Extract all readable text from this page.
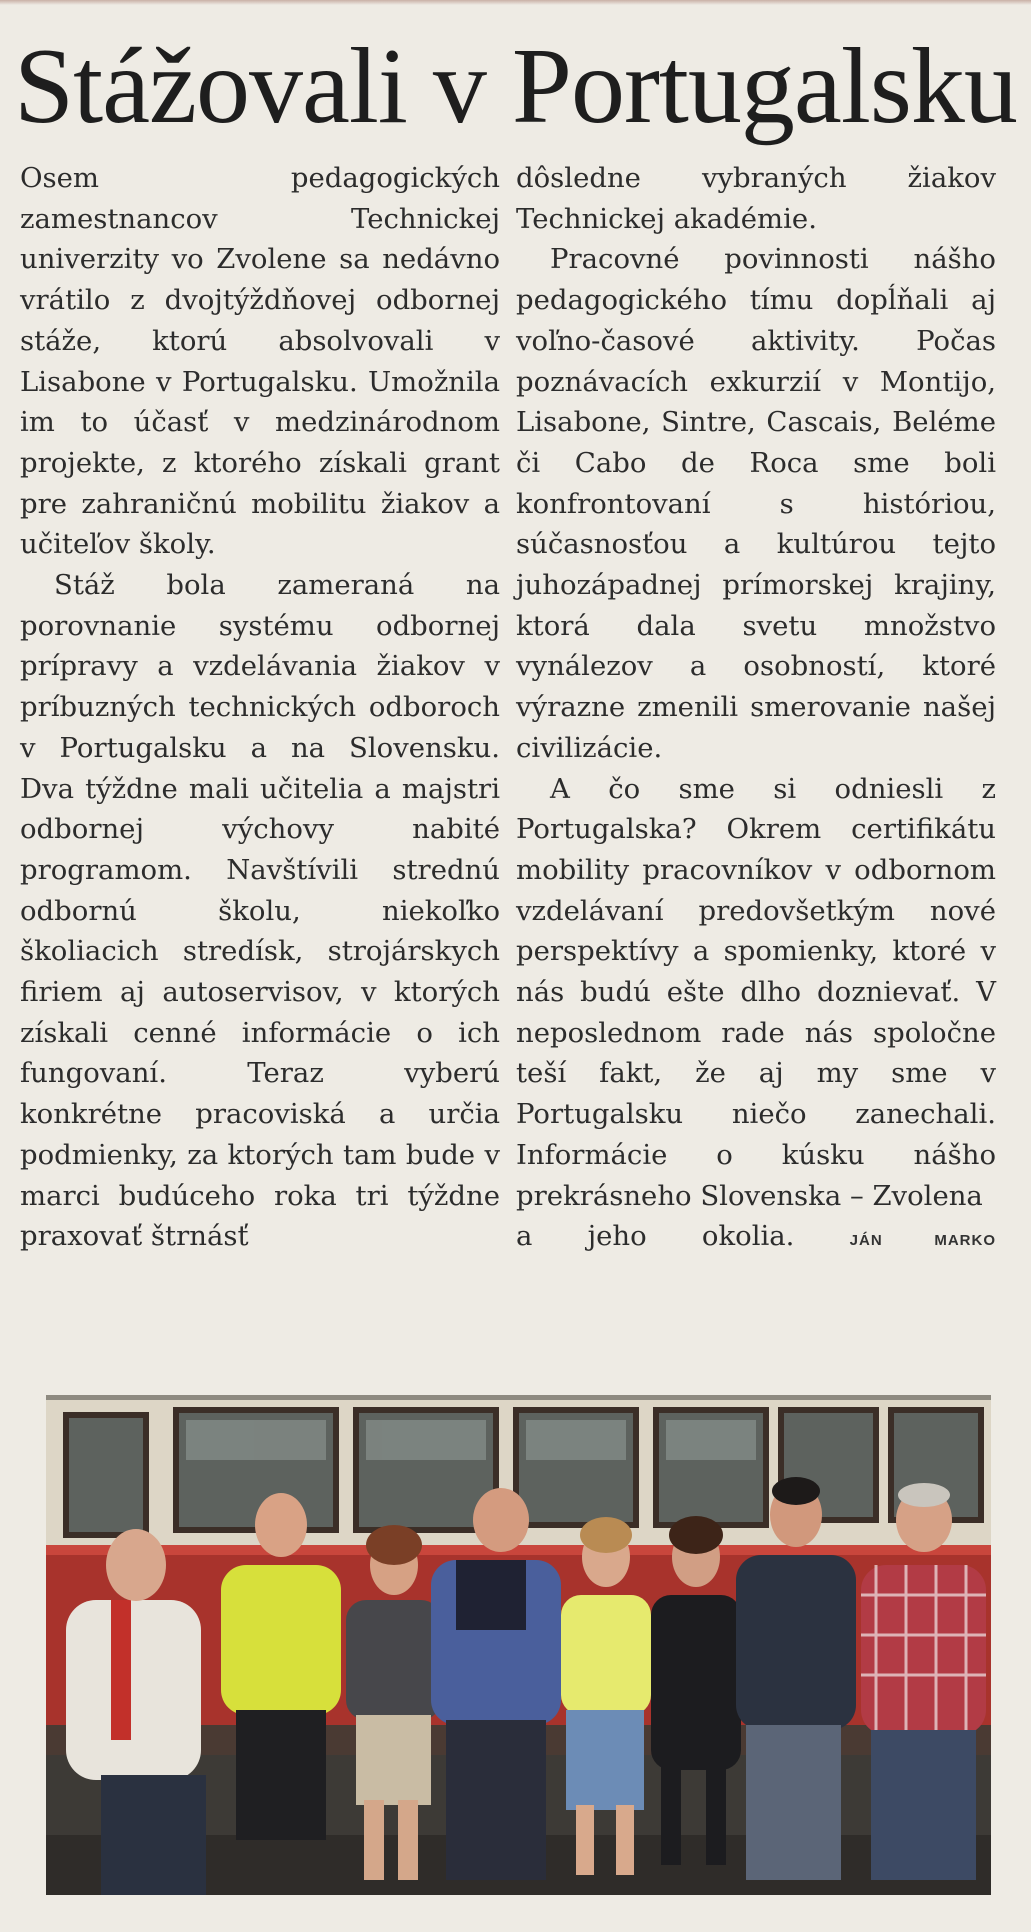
Stážovali v Portugalsku

Osem pedagogických zamestnancov Technickej univerzity vo Zvolene sa nedávno vrátilo z dvojtýždňovej odbornej stáže, ktorú absolvovali v Lisabone v Portugalsku. Umožnila im to účasť v medzinárodnom projekte, z ktorého získali grant pre zahraničnú mobilitu žiakov a učiteľov školy.

Stáž bola zameraná na porovnanie systému odbornej prípravy a vzdelávania žiakov v príbuzných technických odboroch v Portugalsku a na Slovensku. Dva týždne mali učitelia a majstri odbornej výchovy nabité programom. Navštívili strednú odbornú školu, niekoľko školiacich stredísk, strojárskych firiem aj autoservisov, v ktorých získali cenné informácie o ich fungovaní. Teraz vyberú konkrétne pracoviská a určia podmienky, za ktorých tam bude v marci budúceho roka tri týždne praxovať štrnásť

dôsledne vybraných žiakov Technickej akadémie.

Pracovné povinnosti nášho pedagogického tímu dopĺňali aj voľno-časové aktivity. Počas poznávacích exkurzií v Montijo, Lisabone, Sintre, Cascais, Beléme či Cabo de Roca sme boli konfrontovaní s históriou, súčasnosťou a kultúrou tejto juhozápadnej prímorskej krajiny, ktorá dala svetu množstvo vynálezov a osobností, ktoré výrazne zmenili smerovanie našej civilizácie.

A čo sme si odniesli z Portugalska? Okrem certifikátu mobility pracovníkov v odbornom vzdelávaní predovšetkým nové perspektívy a spomienky, ktoré v nás budú ešte dlho doznievať. V neposlednom rade nás spoločne teší fakt, že aj my sme v Portugalsku niečo zanechali. Informácie o kúsku nášho prekrásneho Slovenska – Zvolena

a jeho okolia.	JÁN MARKO
